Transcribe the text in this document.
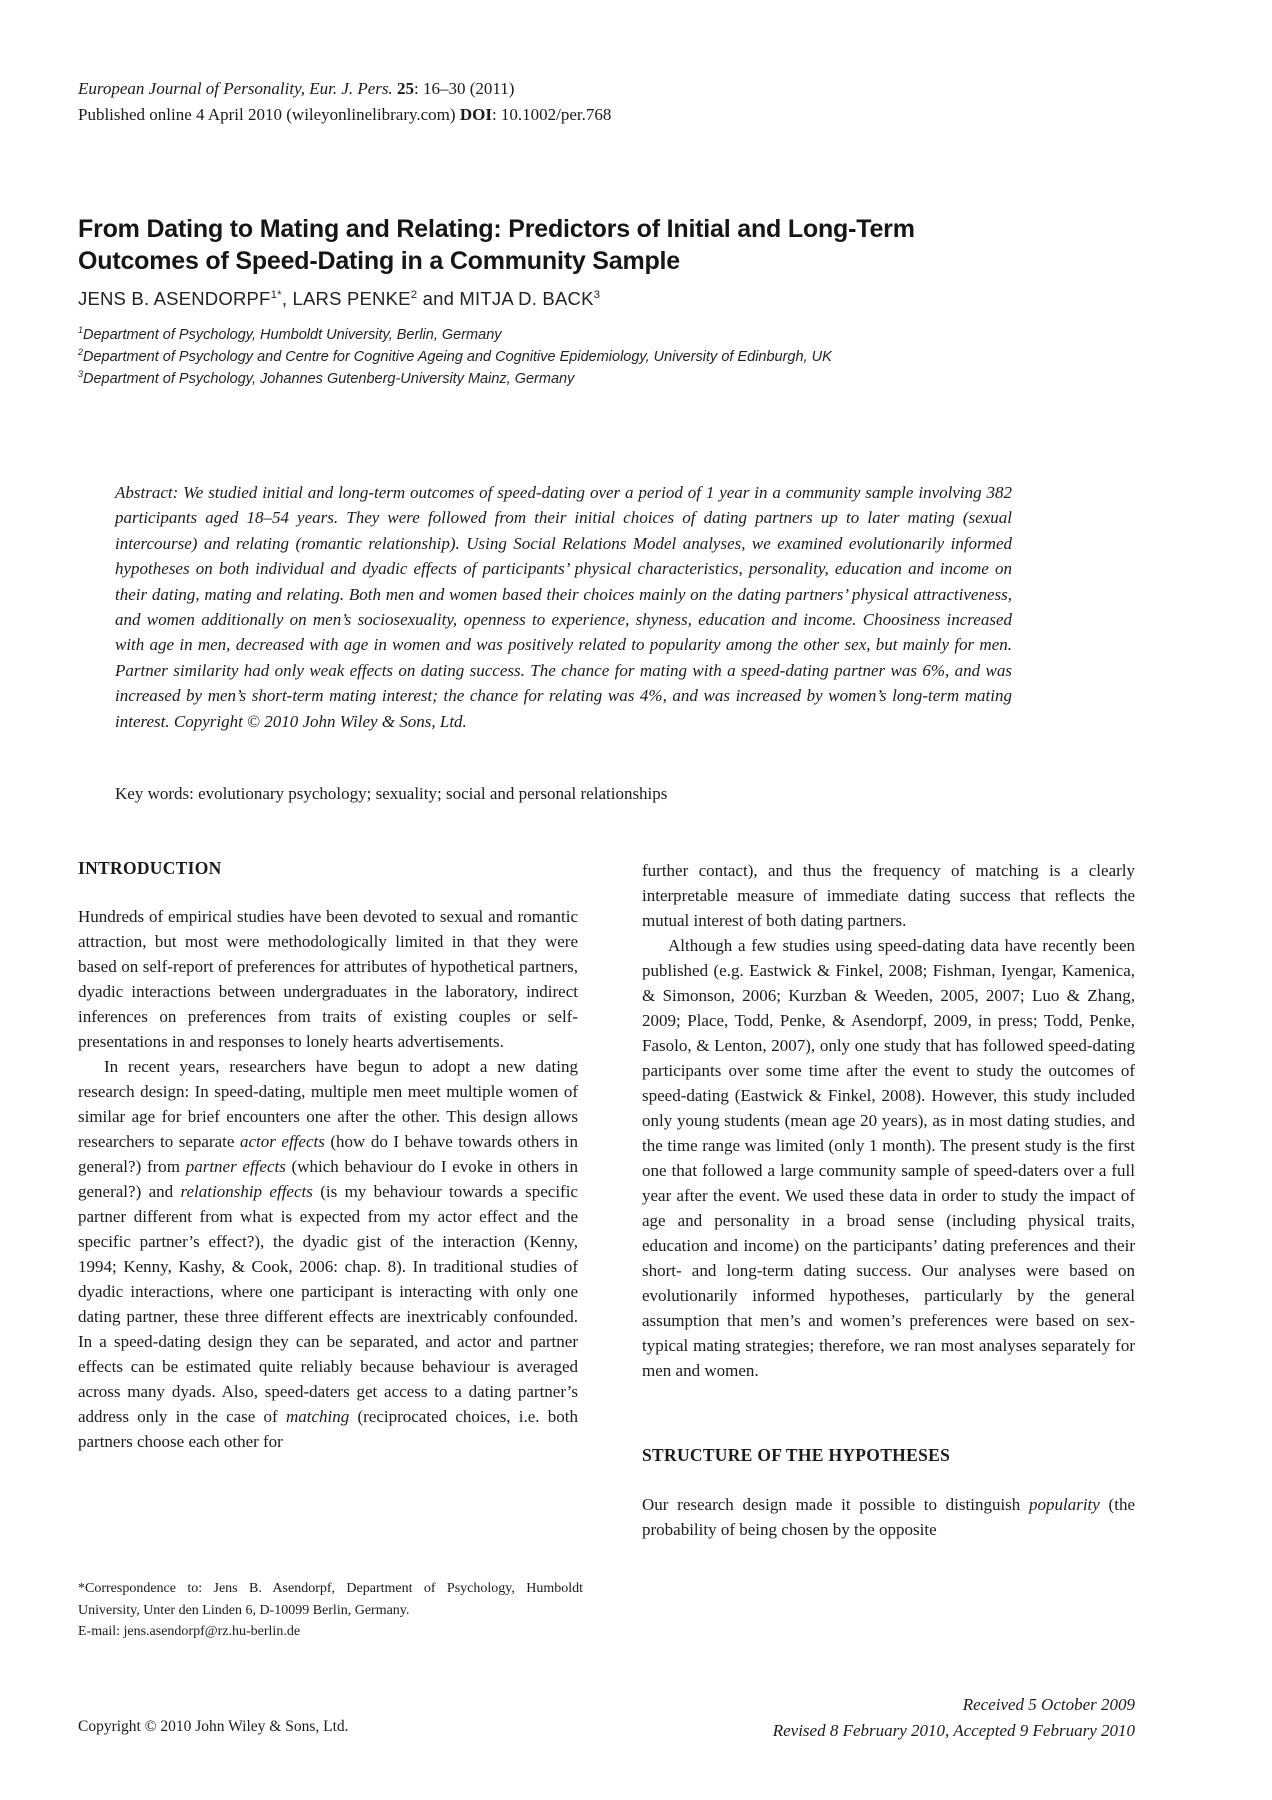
European Journal of Personality, Eur. J. Pers. 25: 16–30 (2011)
Published online 4 April 2010 (wileyonlinelibrary.com) DOI: 10.1002/per.768
From Dating to Mating and Relating: Predictors of Initial and Long-Term Outcomes of Speed-Dating in a Community Sample
JENS B. $ASENDORPF^{1*}$, LARS PENKE$^2$ and MITJA D. BACK$^3$
$^1$Department of Psychology, Humboldt University, Berlin, Germany
$^2$Department of Psychology and Centre for Cognitive Ageing and Cognitive Epidemiology, University of Edinburgh, UK
$^3$Department of Psychology, Johannes Gutenberg-University Mainz, Germany
Abstract: We studied initial and long-term outcomes of speed-dating over a period of 1 year in a community sample involving 382 participants aged 18–54 years. They were followed from their initial choices of dating partners up to later mating (sexual intercourse) and relating (romantic relationship). Using Social Relations Model analyses, we examined evolutionarily informed hypotheses on both individual and dyadic effects of participants’ physical characteristics, personality, education and income on their dating, mating and relating. Both men and women based their choices mainly on the dating partners’ physical attractiveness, and women additionally on men’s sociosexuality, openness to experience, shyness, education and income. Choosiness increased with age in men, decreased with age in women and was positively related to popularity among the other sex, but mainly for men. Partner similarity had only weak effects on dating success. The chance for mating with a speed-dating partner was 6%, and was increased by men’s short-term mating interest; the chance for relating was 4%, and was increased by women’s long-term mating interest. Copyright © 2010 John Wiley & Sons, Ltd.
Key words: evolutionary psychology; sexuality; social and personal relationships
INTRODUCTION

Hundreds of empirical studies have been devoted to sexual and romantic attraction, but most were methodologically limited in that they were based on self-report of preferences for attributes of hypothetical partners, dyadic interactions between undergraduates in the laboratory, indirect inferences on preferences from traits of existing couples or self-presentations in and responses to lonely hearts advertisements.

In recent years, researchers have begun to adopt a new dating research design: In speed-dating, multiple men meet multiple women of similar age for brief encounters one after the other. This design allows researchers to separate actor effects (how do I behave towards others in general?) from partner effects (which behaviour do I evoke in others in general?) and relationship effects (is my behaviour towards a specific partner different from what is expected from my actor effect and the specific partner’s effect?), the dyadic gist of the interaction (Kenny, 1994; Kenny, Kashy, & Cook, 2006: chap. 8). In traditional studies of dyadic interactions, where one participant is interacting with only one dating partner, these three different effects are inextricably confounded. In a speed-dating design they can be separated, and actor and partner effects can be estimated quite reliably because behaviour is averaged across many dyads. Also, speed-daters get access to a dating partner’s address only in the case of matching (reciprocated choices, i.e. both partners choose each other for

further contact), and thus the frequency of matching is a clearly interpretable measure of immediate dating success that reflects the mutual interest of both dating partners.

Although a few studies using speed-dating data have recently been published (e.g. Eastwick & Finkel, 2008; Fishman, Iyengar, Kamenica, & Simonson, 2006; Kurzban & Weeden, 2005, 2007; Luo & Zhang, 2009; Place, Todd, Penke, & Asendorpf, 2009, in press; Todd, Penke, Fasolo, & Lenton, 2007), only one study that has followed speed-dating participants over some time after the event to study the outcomes of speed-dating (Eastwick & Finkel, 2008). However, this study included only young students (mean age 20 years), as in most dating studies, and the time range was limited (only 1 month). The present study is the first one that followed a large community sample of speed-daters over a full year after the event. We used these data in order to study the impact of age and personality in a broad sense (including physical traits, education and income) on the participants’ dating preferences and their short- and long-term dating success. Our analyses were based on evolutionarily informed hypotheses, particularly by the general assumption that men’s and women’s preferences were based on sex-typical mating strategies; therefore, we ran most analyses separately for men and women.

STRUCTURE OF THE HYPOTHESES

Our research design made it possible to distinguish popularity (the probability of being chosen by the opposite

*Correspondence to: Jens B. Asendorpf, Department of Psychology, Humboldt University, Unter den Linden 6, D-10099 Berlin, Germany.
E-mail: jens.asendorpf@rz.hu-berlin.de
Received 5 October 2009
Revised 8 February 2010, Accepted 9 February 2010
Copyright © 2010 John Wiley & Sons, Ltd.
